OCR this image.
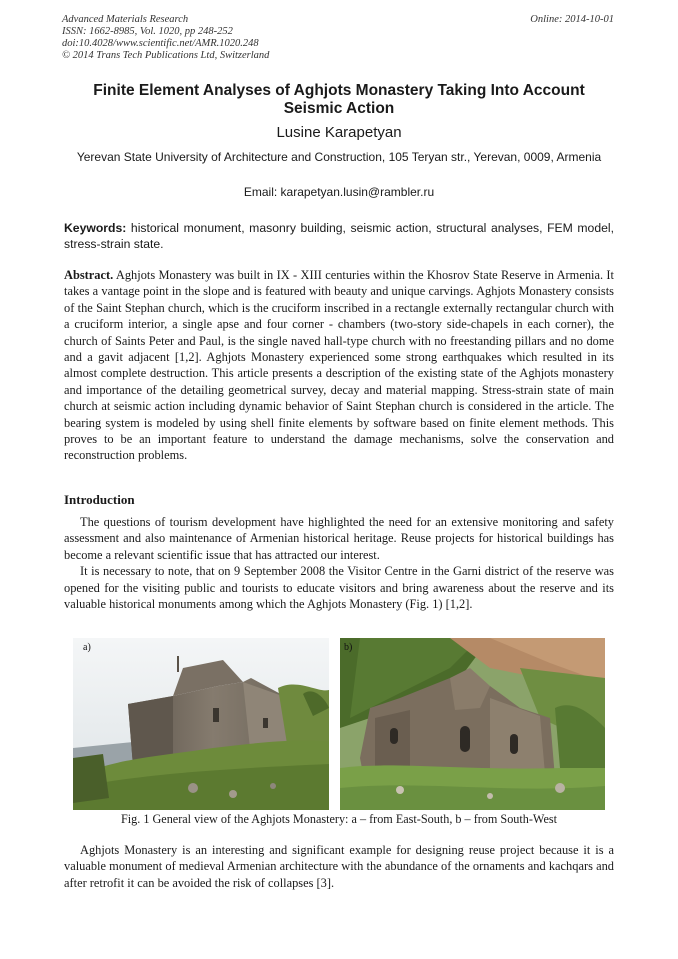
Advanced Materials Research
ISSN: 1662-8985, Vol. 1020, pp 248-252
doi:10.4028/www.scientific.net/AMR.1020.248
© 2014 Trans Tech Publications Ltd, Switzerland
Online: 2014-10-01
Finite Element Analyses of Aghjots Monastery Taking Into Account Seismic Action
Lusine Karapetyan
Yerevan State University of Architecture and Construction, 105 Teryan str., Yerevan, 0009, Armenia
Email: karapetyan.lusin@rambler.ru
Keywords: historical monument, masonry building, seismic action, structural analyses, FEM model, stress-strain state.
Abstract. Aghjots Monastery was built in IX - XIII centuries within the Khosrov State Reserve in Armenia. It takes a vantage point in the slope and is featured with beauty and unique carvings. Aghjots Monastery consists of the Saint Stephan church, which is the cruciform inscribed in a rectangle externally rectangular church with a cruciform interior, a single apse and four corner - chambers (two-story side-chapels in each corner), the church of Saints Peter and Paul, is the single naved hall-type church with no freestanding pillars and no dome and a gavit adjacent [1,2]. Aghjots Monastery experienced some strong earthquakes which resulted in its almost complete destruction. This article presents a description of the existing state of the Aghjots monastery and importance of the detailing geometrical survey, decay and material mapping. Stress-strain state of main church at seismic action including dynamic behavior of Saint Stephan church is considered in the article. The bearing system is modeled by using shell finite elements by software based on finite element methods. This proves to be an important feature to understand the damage mechanisms, solve the conservation and reconstruction problems.
Introduction

The questions of tourism development have highlighted the need for an extensive monitoring and safety assessment and also maintenance of Armenian historical heritage. Reuse projects for historical buildings has become a relevant scientific issue that has attracted our interest.

It is necessary to note, that on 9 September 2008 the Visitor Centre in the Garni district of the reserve was opened for the visiting public and tourists to educate visitors and bring awareness about the reserve and its valuable historical monuments among which the Aghjots Monastery (Fig. 1) [1,2].

a)	b)
Fig. 1 General view of the Aghjots Monastery: a – from East-South, b – from South-West

Aghjots Monastery is an interesting and significant example for designing reuse project because it is a valuable monument of medieval Armenian architecture with the abundance of the ornaments and kachqars and after retrofit it can be avoided the risk of collapses [3].
